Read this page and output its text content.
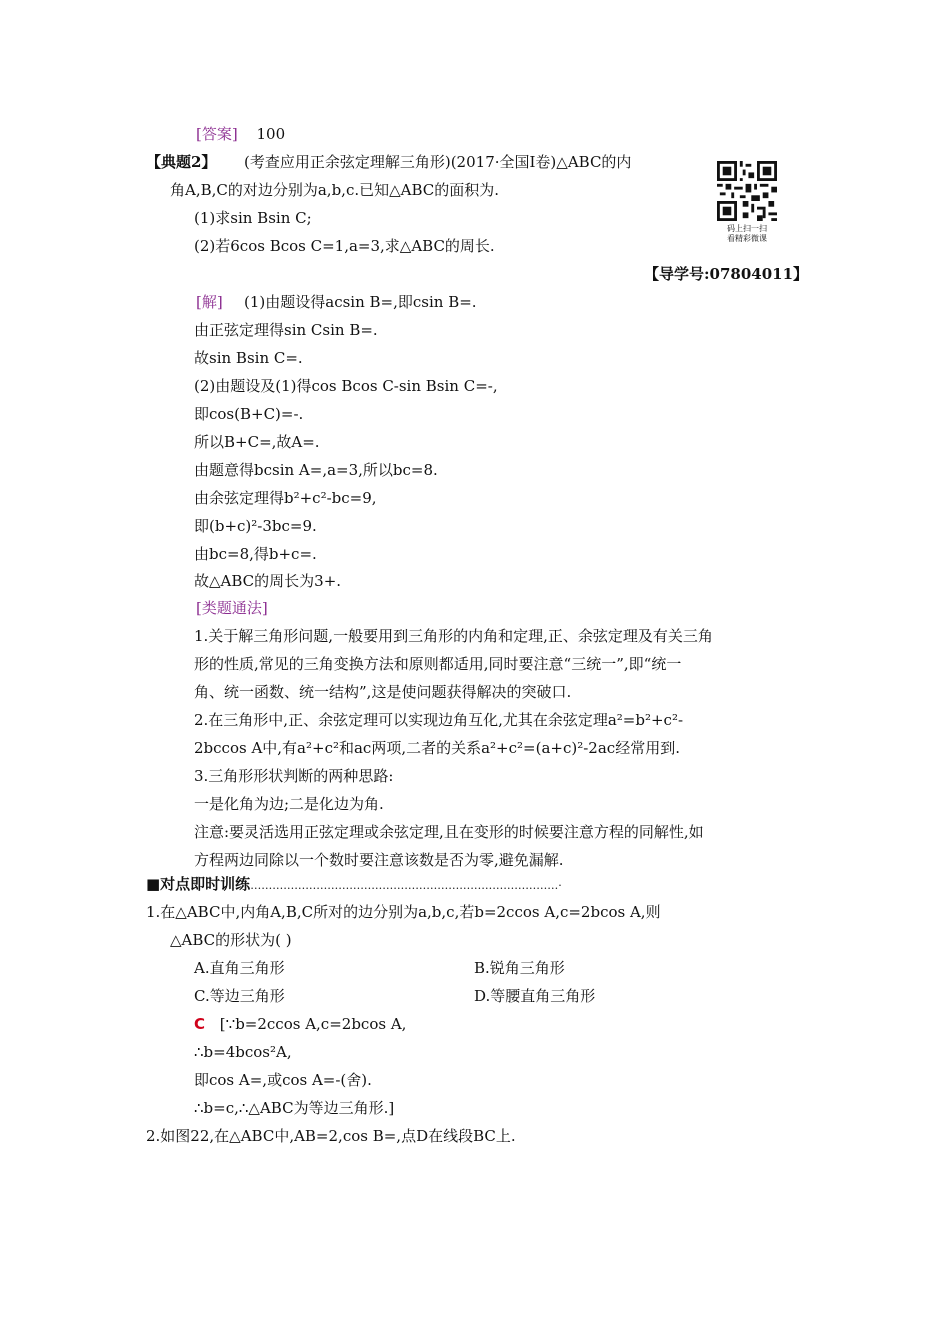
[答案] 100
【典题2】 (考查应用正余弦定理解三角形)(2017·全国Ⅰ卷)△ABC的内
角A,B,C的对边分别为a,b,c.已知△ABC的面积为.
(1)求sin Bsin C;
(2)若6cos Bcos C=1,a=3,求△ABC的周长.
码上扫一扫
看精彩微课
【导学号:07804011】
[解] (1)由题设得acsin B=,即csin B=.
由正弦定理得sin Csin B=.
故sin Bsin C=.
(2)由题设及(1)得cos Bcos C-sin Bsin C=-,
即cos(B+C)=-.
所以B+C=,故A=.
由题意得bcsin A=,a=3,所以bc=8.
由余弦定理得b²+c²-bc=9,
即(b+c)²-3bc=9.
由bc=8,得b+c=.
故△ABC的周长为3+.
[类题通法]
1.关于解三角形问题,一般要用到三角形的内角和定理,正、余弦定理及有关三角
形的性质,常见的三角变换方法和原则都适用,同时要注意“三统一”,即“统一
角、统一函数、统一结构”,这是使问题获得解决的突破口.
2.在三角形中,正、余弦定理可以实现边角互化,尤其在余弦定理a²=b²+c²-
2bccos A中,有a²+c²和ac两项,二者的关系a²+c²=(a+c)²-2ac经常用到.
3.三角形形状判断的两种思路:
一是化角为边;二是化边为角.
注意:要灵活选用正弦定理或余弦定理,且在变形的时候要注意方程的同解性,如
方程两边同除以一个数时要注意该数是否为零,避免漏解.
■对点即时训练…………………………………………………………………………·
1.在△ABC中,内角A,B,C所对的边分别为a,b,c,若b=2ccos A,c=2bcos A,则
△ABC的形状为( )
A.直角三角形	B.锐角三角形
C.等边三角形	D.等腰直角三角形
C [∵b=2ccos A,c=2bcos A,
∴b=4bcos²A,
即cos A=,或cos A=-(舍).
∴b=c,∴△ABC为等边三角形.]
2.如图22,在△ABC中,AB=2,cos B=,点D在线段BC上.
